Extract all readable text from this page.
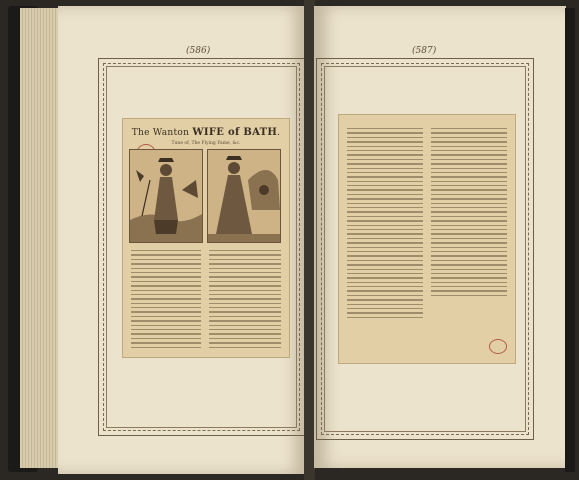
(586)
The Wanton WIFE of BATH.
Tune of, The Flying Fame, &c.
(587)
